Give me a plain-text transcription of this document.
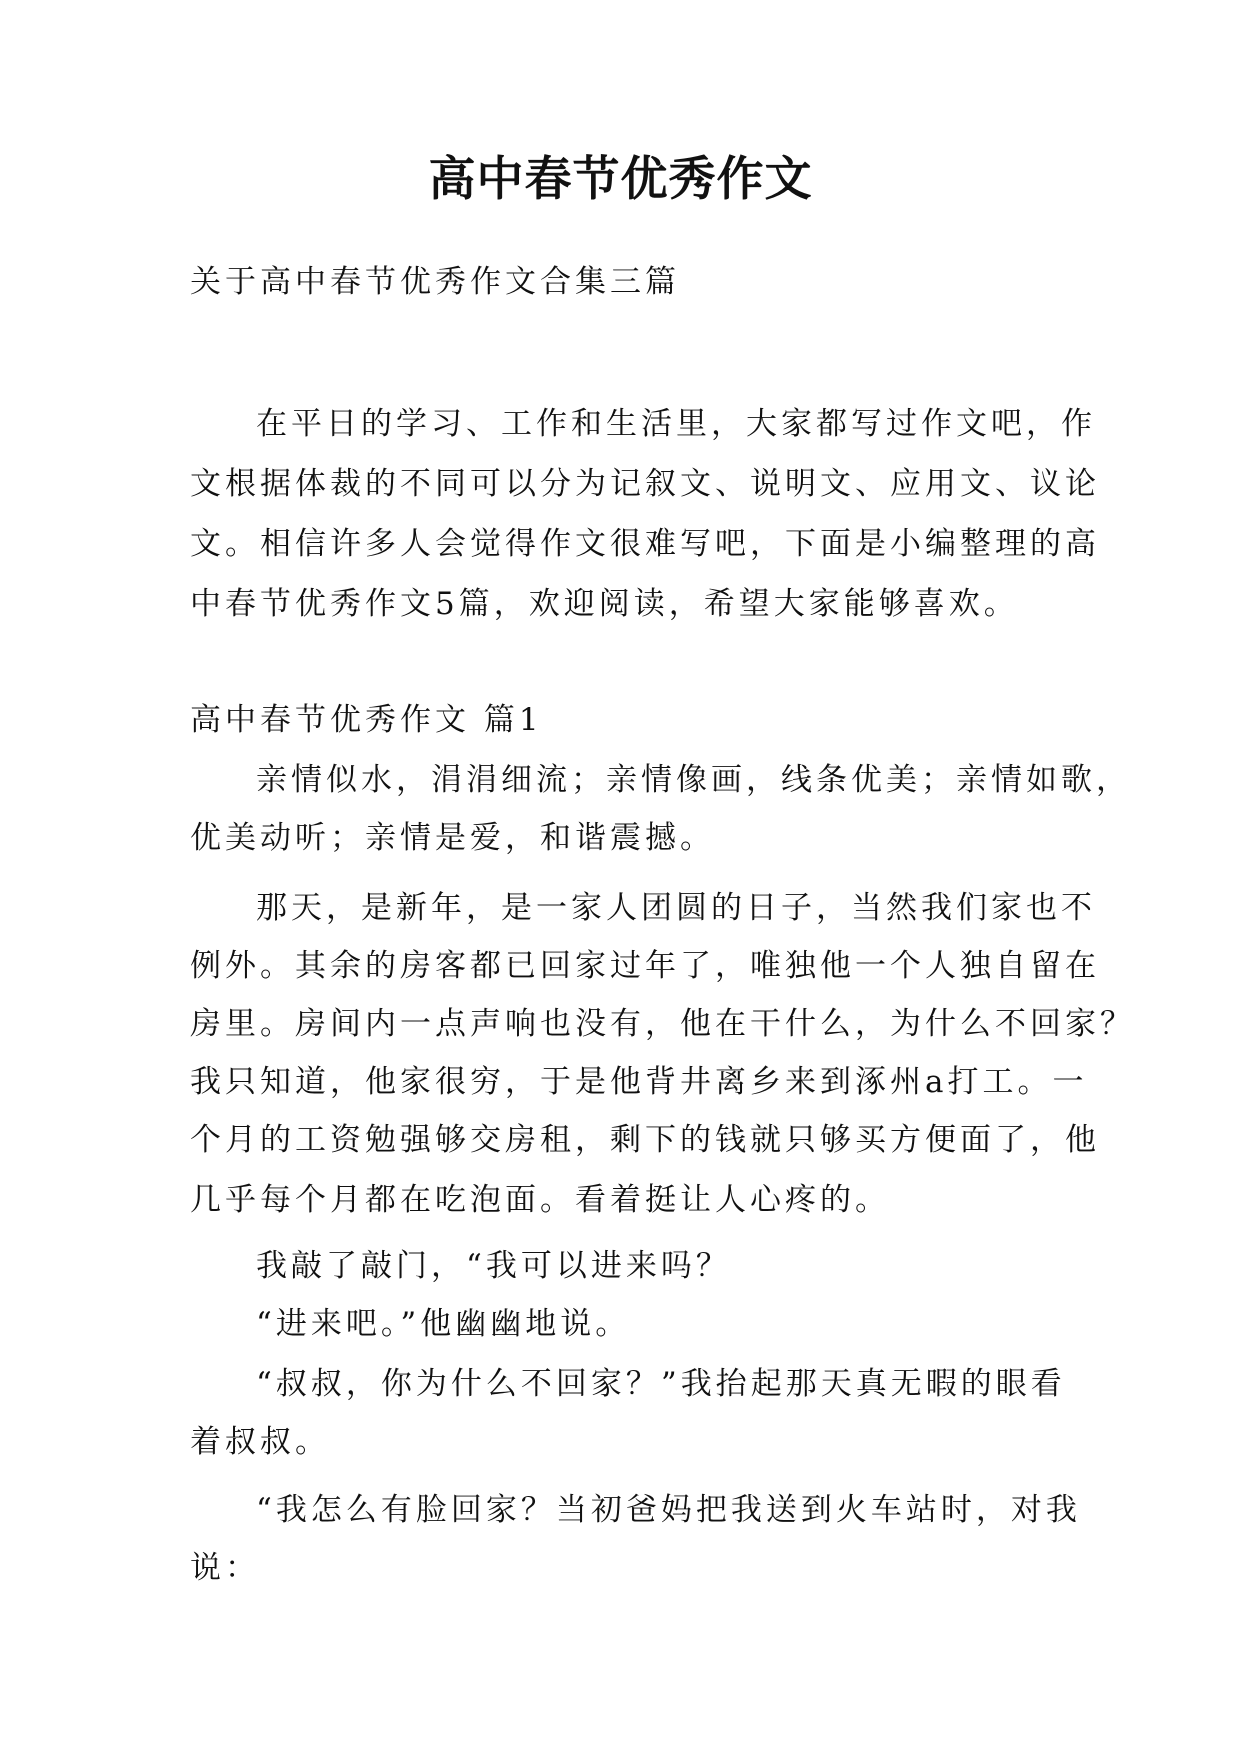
高中春节优秀作文

关于高中春节优秀作文合集三篇

在平日的学习、工作和生活里，大家都写过作文吧，作

文根据体裁的不同可以分为记叙文、说明文、应用文、议论

文。相信许多人会觉得作文很难写吧，下面是小编整理的高

中春节优秀作文5篇，欢迎阅读，希望大家能够喜欢。

高中春节优秀作文 篇1

亲情似水，涓涓细流；亲情像画，线条优美；亲情如歌，

优美动听；亲情是爱，和谐震撼。

那天，是新年，是一家人团圆的日子，当然我们家也不

例外。其余的房客都已回家过年了，唯独他一个人独自留在

房里。房间内一点声响也没有，他在干什么，为什么不回家？

我只知道，他家很穷，于是他背井离乡来到涿州a打工。一

个月的工资勉强够交房租，剩下的钱就只够买方便面了，他

几乎每个月都在吃泡面。看着挺让人心疼的。

我敲了敲门，“我可以进来吗？

“进来吧。”他幽幽地说。

“叔叔，你为什么不回家？”我抬起那天真无暇的眼看

着叔叔。

“我怎么有脸回家？当初爸妈把我送到火车站时，对我

说：
